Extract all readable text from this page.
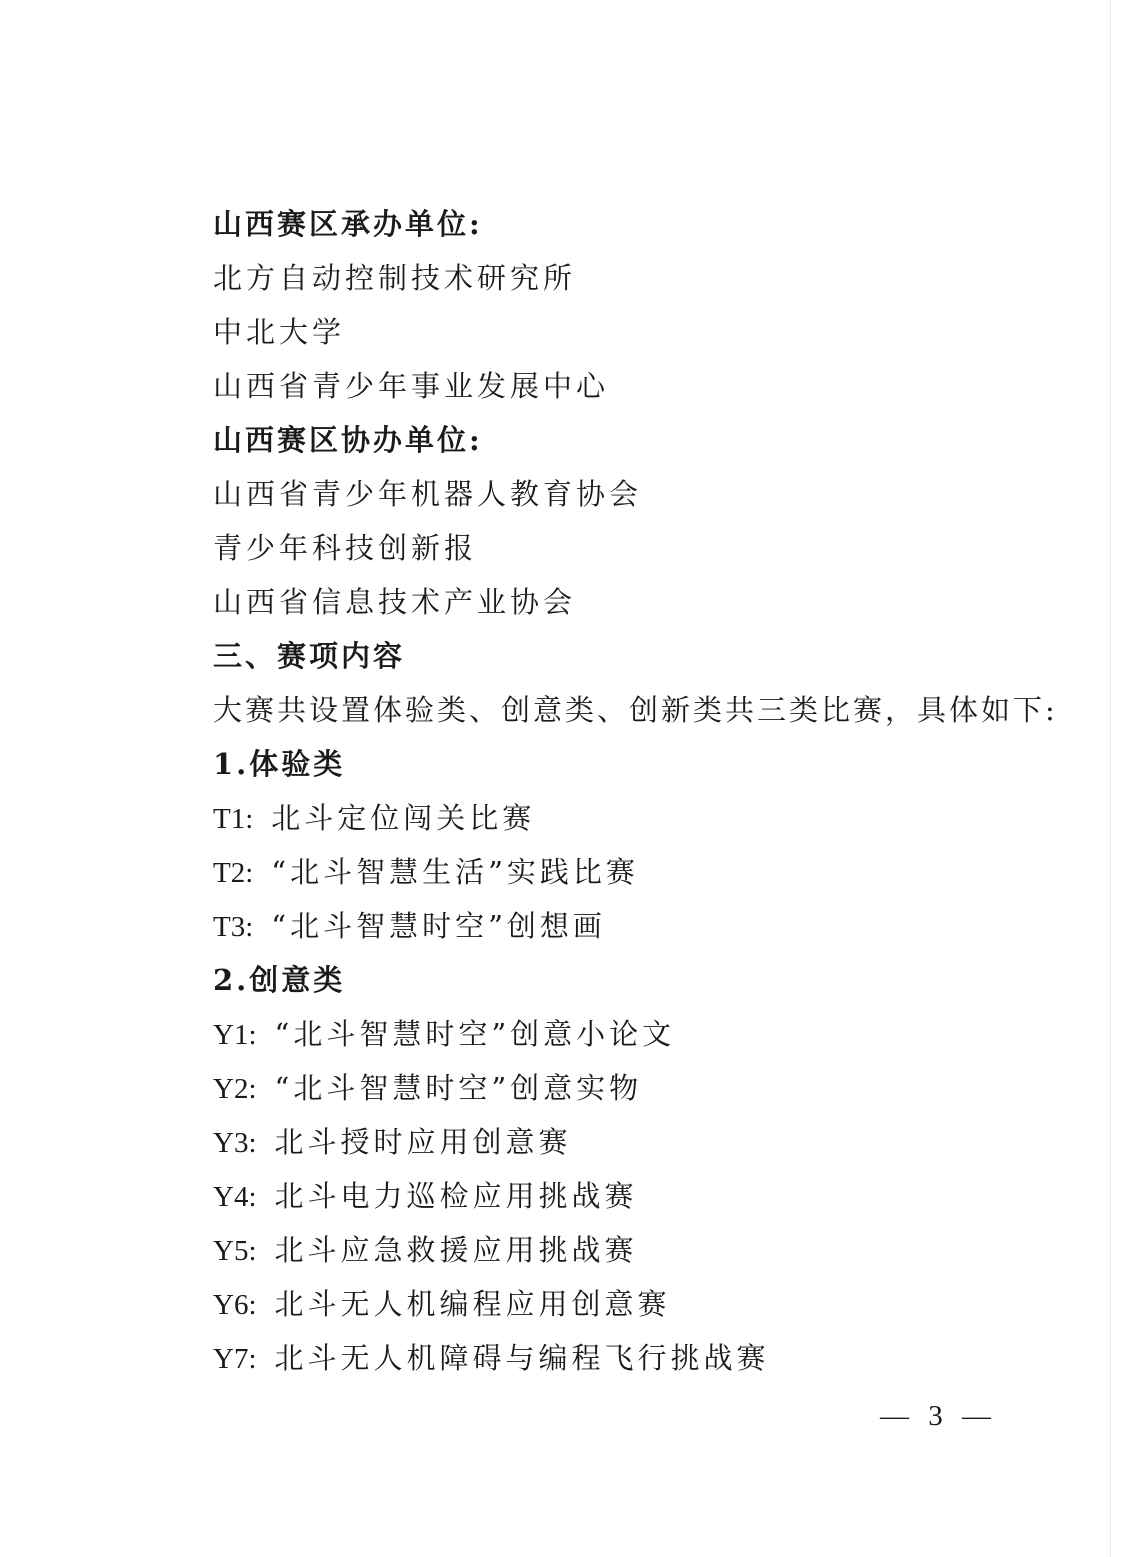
山西赛区承办单位:
北方自动控制技术研究所
中北大学
山西省青少年事业发展中心
山西赛区协办单位:
山西省青少年机器人教育协会
青少年科技创新报
山西省信息技术产业协会
三、赛项内容
大赛共设置体验类、创意类、创新类共三类比赛，具体如下:
1.体验类
T1: 北斗定位闯关比赛
T2: “北斗智慧生活”实践比赛
T3: “北斗智慧时空”创想画
2.创意类
Y1: “北斗智慧时空”创意小论文
Y2: “北斗智慧时空”创意实物
Y3: 北斗授时应用创意赛
Y4: 北斗电力巡检应用挑战赛
Y5: 北斗应急救援应用挑战赛
Y6: 北斗无人机编程应用创意赛
Y7: 北斗无人机障碍与编程飞行挑战赛
— 3 —
